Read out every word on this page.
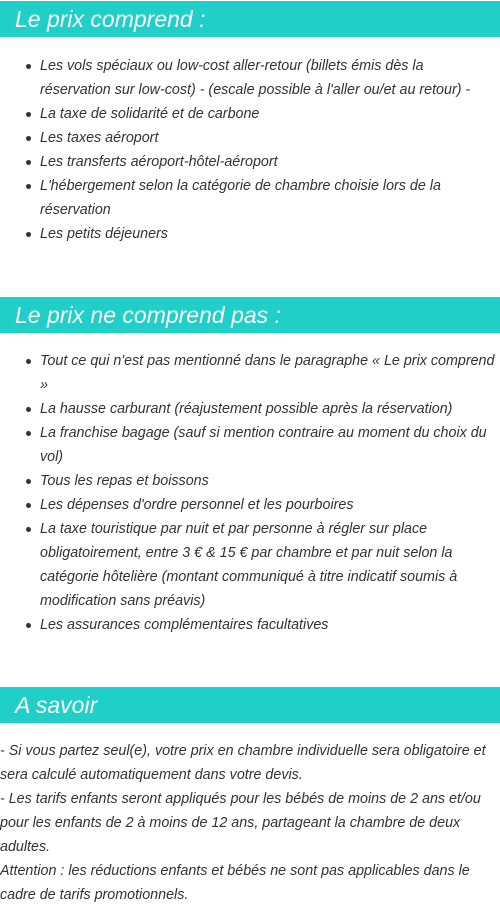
Le prix comprend :
Les vols spéciaux ou low-cost aller-retour (billets émis dès la réservation sur low-cost) - (escale possible à l'aller ou/et au retour) -
La taxe de solidarité et de carbone
Les taxes aéroport
Les transferts aéroport-hôtel-aéroport
L'hébergement selon la catégorie de chambre choisie lors de la réservation
Les petits déjeuners
Le prix ne comprend pas :
Tout ce qui n'est pas mentionné dans le paragraphe « Le prix comprend »
La hausse carburant (réajustement possible après la réservation)
La franchise bagage (sauf si mention contraire au moment du choix du vol)
Tous les repas et boissons
Les dépenses d'ordre personnel et les pourboires
La taxe touristique par nuit et par personne à régler sur place obligatoirement, entre 3 € & 15 € par chambre et par nuit selon la catégorie hôtelière (montant communiqué à titre indicatif soumis à modification sans préavis)
Les assurances complémentaires facultatives
A savoir

- Si vous partez seul(e), votre prix en chambre individuelle sera obligatoire et sera calculé automatiquement dans votre devis.

- Les tarifs enfants seront appliqués pour les bébés de moins de 2 ans et/ou pour les enfants de 2 à moins de 12 ans, partageant la chambre de deux adultes.

Attention : les réductions enfants et bébés ne sont pas applicables dans le cadre de tarifs promotionnels.
